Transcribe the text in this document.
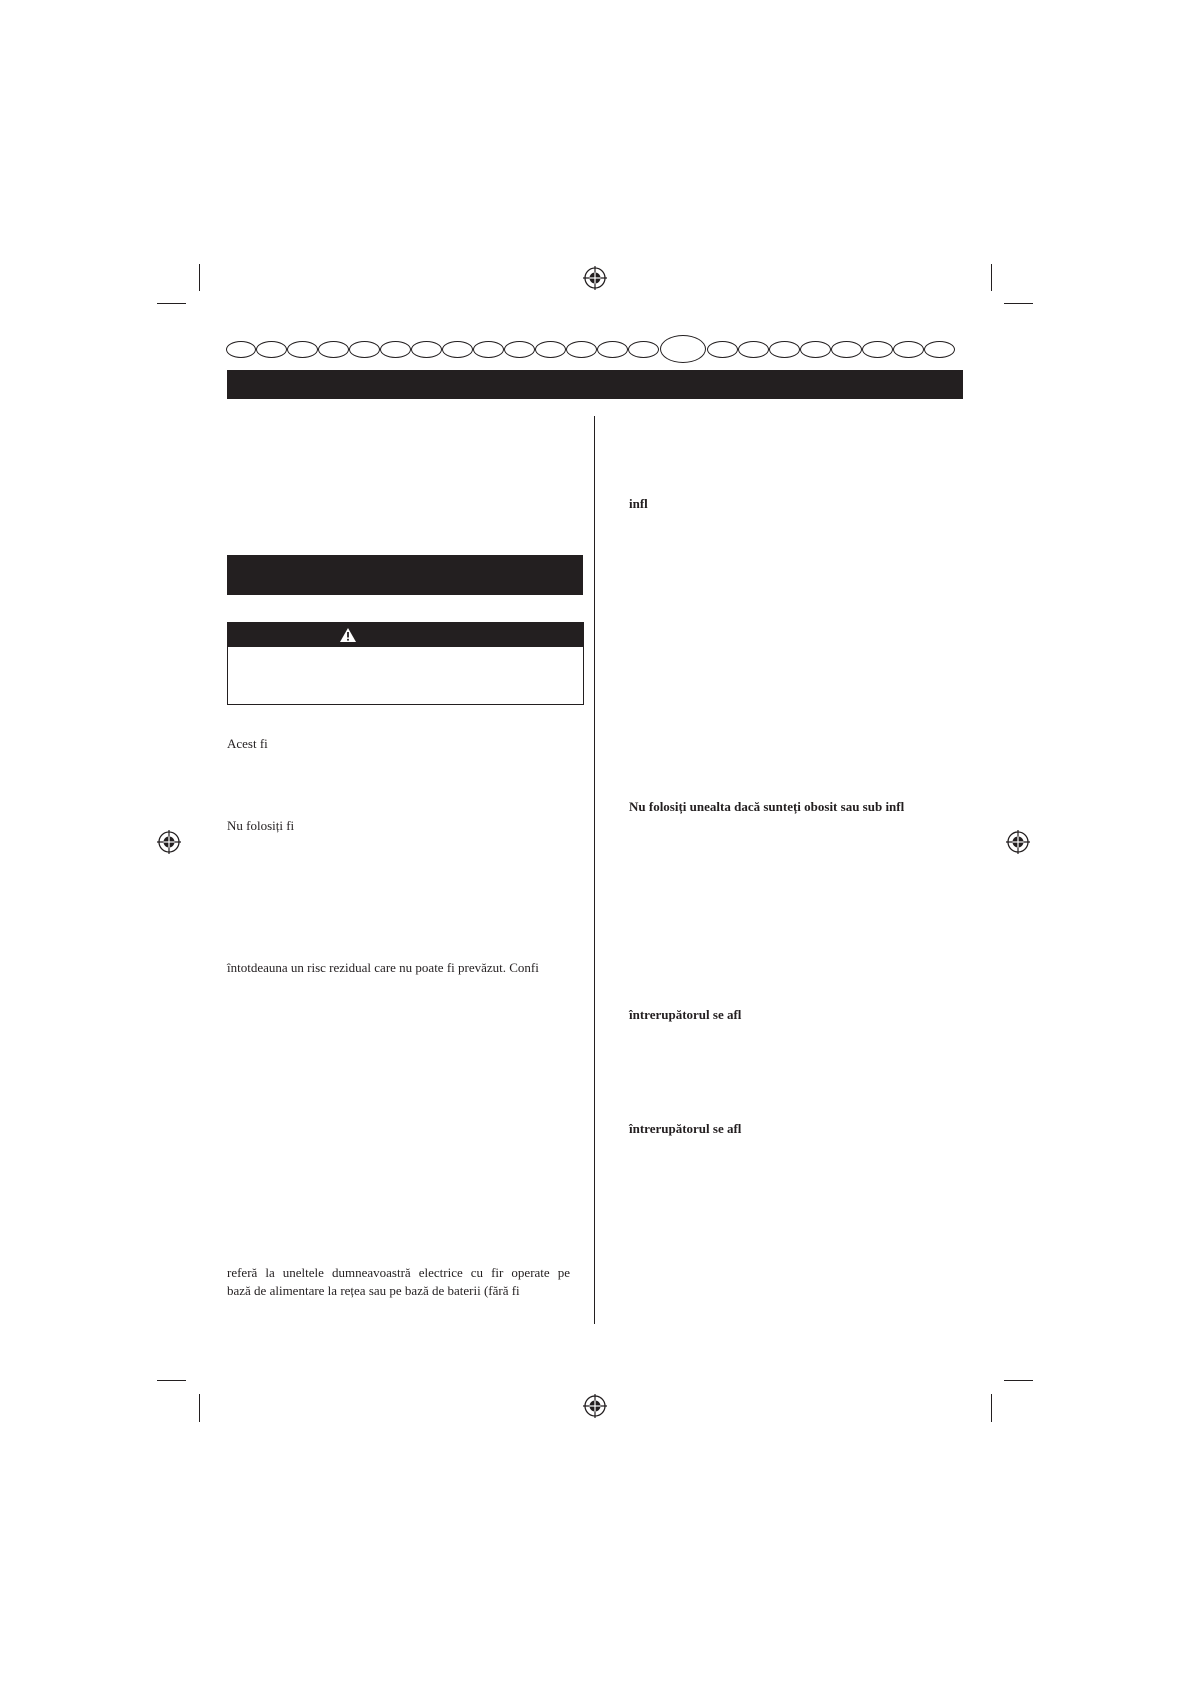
Acest fi
Nu folosiți fi
întotdeauna un risc rezidual care nu poate fi prevăzut. Confi
referă la uneltele dumneavoastră electrice cu fir operate pe
bază de alimentare la rețea sau pe bază de baterii (fără fi
infl
Nu folosiți unealta dacă sunteți obosit sau sub infl
întrerupătorul se afl
întrerupătorul se afl
